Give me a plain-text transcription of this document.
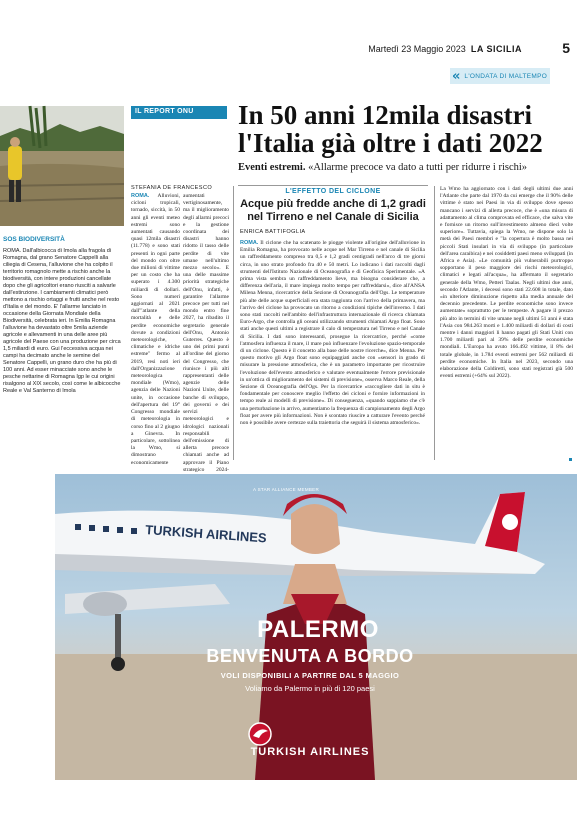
Martedì 23 Maggio 2023 LA SICILIA	5
« L'ONDATA DI MALTEMPO
SOS BIODIVERSITÀ
ROMA. Dall'albicocca di Imola alla fragola di Romagna, dal grano Senatore Cappelli alla ciliegia di Cesena, l'alluvione che ha colpito il territorio romagnolo mette a rischio anche la biodiversità, con intere produzioni cancellate dopo che gli agricoltori erano riusciti a salvarle dall'estinzione. I cambiamenti climatici però mettono a rischio ortaggi e frutti anche nel resto d'Italia e del mondo. E' l'allarme lanciato in occasione della Giornata Mondiale della Biodiversità, celebrata ieri. In Emilia Romagna l'alluvione ha devastato oltre 5mila aziende agricole e allevamenti in una delle aree più agricole del Paese con una produzione per circa 1,5 miliardi di euro. Gui l'eccessiva acqua nei campi ha decimato anche le semine del Senatore Cappelli, un grano duro che ha più di 100 anni. Ad esser minacciate sono anche le pesche nettarine di Romagna Igp le cui origini risalgono al XIX secolo, così come le albicocche Reale e Val Santerno di Imola
IL REPORT ONU	In 50 anni 12mila disastri l'Italia già oltre i dati 2022
Eventi estremi. «Allarme precoce va dato a tutti per ridurre i rischi»
STEFANIA DE FRANCESCO
ROMA. Alluvioni, cicloni tropicali, tornado, siccità, in 50 anni gli eventi meteo estremi sono aumentati causando quasi 12mila disastri (11.778) e sono stati presenti in ogni parte del mondo con oltre due milioni di vittime per un costo che ha superato i 4.300 miliardi di dollari. Sono numeri aggiornati al 2021 dall'"atlante della mortalità e delle perdite economiche dovute a condizioni meteorologiche, climatiche e idriche estreme" fermo al 2019, resi noti ieri dall'Organizzazione meteorologica mondiale (Wmo), agenzia delle Nazioni unite, in occasione dell'apertura del 19° Congresso mondiale di meteorologia in corso fino al 2 giugno a Ginevra. In particolare, sottolinea la Wmo, si dimostrano economicamente
aumentati vertiginosamente, ma il miglioramento degli allarmi precoci e la gestione coordinata dei disastri hanno ridotto il tasso delle perdite di vite umane nell'ultimo mezzo secolo». E una delle massime priorità strategiche dell'Onu, infatti, è garantire l'allarme precoce per tutti nel mondo entro fine 2027, ha ribadito il segretario generale dell'Onu, Antonio Guterres. Questo è uno dei primi punti all'ordine del giorno del Congresso, che riunisce i più alti rappresentanti delle agenzie delle Nazioni Unite, delle banche di sviluppo, dei governi e dei servizi meteorologici e idrologici nazionali responsabili dell'emissione di allerta precoce chiamati anche ad approvare il Piano strategico 2024-
L'EFFETTO DEL CICLONE
Acque più fredde anche di 1,2 gradi nel Tirreno e nel Canale di Sicilia
ENRICA BATTIFOGLIA
ROMA. Il ciclone che ha scatenato le piogge violente all'origine dell'alluvione in Emilia Romagna, ha provocato nelle acque nel Mar Tirreno e nel canale di Sicilia un raffreddamento compreso tra 0,5 e 1,2 gradi centigradi nell'arco di tre giorni circa, in uno strato profondo fra 40 e 50 metri. Lo indicano i dati raccolti dagli strumenti dell'Istituto Nazionale di Oceanografia e di Geofisica Sperimentale. «A prima vista sembra un raffreddamento lieve, ma bisogna considerare che, a differenza dell'aria, il mare impiega molto tempo per raffreddarsi», dice all'ANSA Milena Menna, ricercatrice della Sezione di Oceanografia dell'Ogs. Le temperature più alte delle acque superficiali era stata raggiunta con l'arrivo della primavera, ma l'arrivo del ciclone ha provocato un ritorno a condizioni tipiche dell'inverno. I dati sono stati raccolti nell'ambito dell'infrastruttura internazionale di ricerca chiamata Euro-Argo, che controlla gli oceani utilizzando strumenti chiamati Argo float. Sono stati anche questi ultimi a registrare il calo di temperatura nel Tirreno e nel Canale di Sicilia. I dati sono interessanti, prosegue la ricercatrice, perché «come l'atmosfera influenza il mare, il mare può influenzare l'evoluzione spazio-temporale di un ciclone. Questo è il concetto alla base delle nostre ricerche», dice Menna. Per questo motivo gli Argo float sono equipaggiati anche con «sensori in grado di misurare la pressione atmosferica, che è un parametro importante per ricostruire l'evoluzione dell'evento atmosferico e valutare eventualmente l'errore previsionale in un'ottica di miglioramento dei sistemi di previsione», osserva Marco Reale, della Sezione di Oceanografia dell'Ogs. Per la ricercatrice «raccogliere dati in situ è fondamentale per conoscere meglio l'effetto dei cicloni e fornire informazioni in tempo reale ai modelli di previsione». Di conseguenza, «quando sappiamo che c'è una perturbazione in arrivo, aumentiamo la frequenza di campionamento degli Argo float per avere più informazioni. Non è scontato riuscire a catturare l'evento perché non è possibile avere certezze sulla traiettoria che seguirà il sistema atmosferico».
La Wmo ha aggiornato con i dati degli ultimi due anni l'Atlante che parte dal 1970 da cui emerge che il 90% delle vittime è stato nei Paesi in via di sviluppo dove spesso mancano i servizi di allerta precoce, che è «una misura di adattamento al clima comprovata ed efficace, che salva vite e fornisce un ritorno sull'investimento almeno dieci volte superiore». Tuttavia, spiega la Wmo, ne dispone solo la metà dei Paesi membri e "la copertura è molto bassa nei piccoli Stati insulari in via di sviluppo (in particolare dell'area caraibica) e nei cosiddetti paesi meno sviluppati (in Africa e Asia). «Le comunità più vulnerabili purtroppo sopportano il peso maggiore dei rischi meteorologici, climatici e legati all'acqua», ha affermato il segretario generale della Wmo, Petteri Taalas. Negli ultimi due anni, secondo l'Atlante, i decessi sono stati 22.608 in totale, dato «in ulteriore diminuzione rispetto alla media annuale del decennio precedente. Le perdite economiche sono invece aumentate» soprattutto per le tempeste. A pagare il prezzo più alto in termini di vite umane negli ultimi 51 anni è stata l'Asia con 984.263 morti e 1.400 miliardi di dollari di costi mentre i danni maggiori li hanno pagati gli Stati Uniti con 1.700 miliardi pari al 39% delle perdite economiche mondiali. L'Europa ha avuto 166.492 vittime, il 8% del totale globale, in 1.784 eventi estremi per 562 miliardi di perdite economiche. In Italia nel 2023, secondo una elaborazione della Coldiretti, sono stati registrati già 500 eventi estremi (+64% sul 2022).
TURKISH AIRLINES
A STAR ALLIANCE MEMBER
PALERMO
BENVENUTA A BORDO
VOLI DISPONIBILI A PARTIRE DAL 5 MAGGIO
Voliamo da Palermo in più di 120 paesi
TURKISH AIRLINES
